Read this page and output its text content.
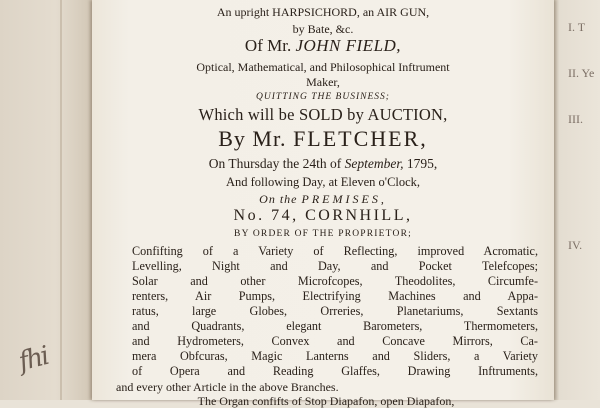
fhi
I. T
II. Ye
III.
IV.
An upright HARPSICHORD, an AIR GUN,
by Bate, &c.
Of Mr. JOHN FIELD,
Optical, Mathematical, and Philosophical Inftrument
Maker,
QUITTING THE BUSINESS;
Which will be SOLD by AUCTION,
By Mr. FLETCHER,
On Thursday the 24th of September, 1795,
And following Day, at Eleven o'Clock,
On the PREMISES,
No. 74, CORNHILL,
BY ORDER OF THE PROPRIETOR;
Confifting of a Variety of Reflecting, improved Acromatic,
Levelling, Night and Day, and Pocket Telefcopes;
Solar and other Microfcopes, Theodolites, Circumfe-
renters, Air Pumps, Electrifying Machines and Appa-
ratus, large Globes, Orreries, Planetariums, Sextants
and Quadrants, elegant Barometers, Thermometers,
and Hydrometers, Convex and Concave Mirrors, Ca-
mera Obfcuras, Magic Lanterns and Sliders, a Variety
of Opera and Reading Glaffes, Drawing Inftruments,
and every other Article in the above Branches.
The Organ confifts of Stop Diapafon, open Diapafon,
